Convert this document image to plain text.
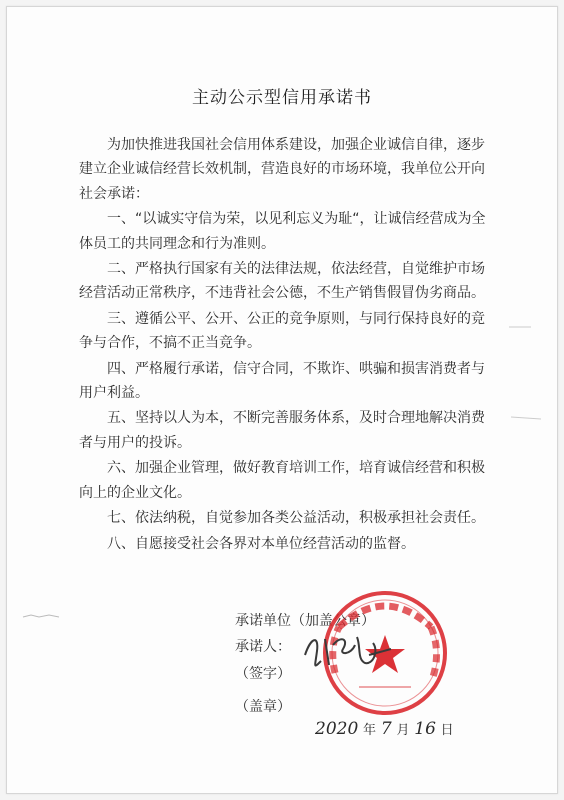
主动公示型信用承诺书

为加快推进我国社会信用体系建设，加强企业诚信自律，逐步建立企业诚信经营长效机制，营造良好的市场环境，我单位公开向社会承诺：

一、“以诚实守信为荣，以见利忘义为耻“，让诚信经营成为全体员工的共同理念和行为准则。

二、严格执行国家有关的法律法规，依法经营，自觉维护市场经营活动正常秩序，不违背社会公德，不生产销售假冒伪劣商品。

三、遵循公平、公开、公正的竞争原则，与同行保持良好的竞争与合作，不搞不正当竞争。

四、严格履行承诺，信守合同，不欺诈、哄骗和损害消费者与用户利益。

五、坚持以人为本，不断完善服务体系，及时合理地解决消费者与用户的投诉。

六、加强企业管理，做好教育培训工作，培育诚信经营和积极向上的企业文化。

七、依法纳税，自觉参加各类公益活动，积极承担社会责任。

八、自愿接受社会各界对本单位经营活动的监督。

承诺单位（加盖公章）
承诺人：
（签字）
（盖章）
2020 年 7 月 16 日
